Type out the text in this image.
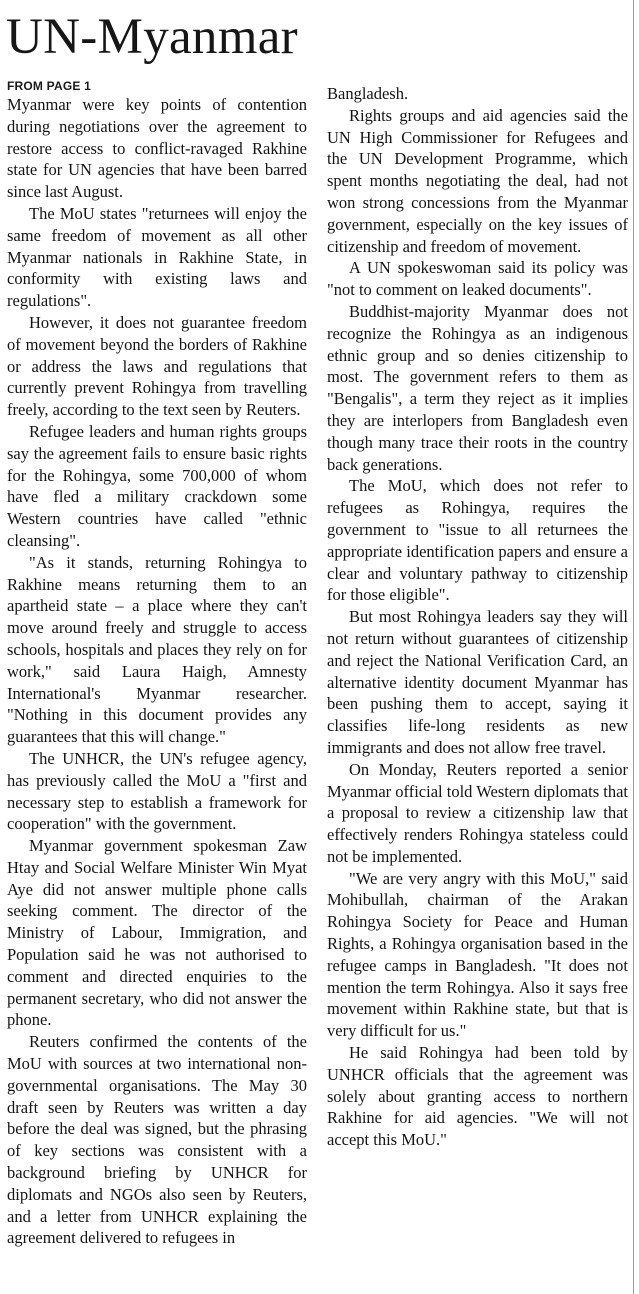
UN-Myanmar
FROM PAGE 1

Myanmar were key points of contention during negotiations over the agreement to restore access to conflict-ravaged Rakhine state for UN agencies that have been barred since last August.

The MoU states "returnees will enjoy the same freedom of movement as all other Myanmar nationals in Rakhine State, in conformity with existing laws and regulations".

However, it does not guarantee freedom of movement beyond the borders of Rakhine or address the laws and regulations that currently prevent Rohingya from travelling freely, according to the text seen by Reuters.

Refugee leaders and human rights groups say the agreement fails to ensure basic rights for the Rohingya, some 700,000 of whom have fled a military crackdown some Western countries have called "ethnic cleansing".

"As it stands, returning Rohingya to Rakhine means returning them to an apartheid state – a place where they can't move around freely and struggle to access schools, hospitals and places they rely on for work," said Laura Haigh, Amnesty International's Myanmar researcher. "Nothing in this document provides any guarantees that this will change."

The UNHCR, the UN's refugee agency, has previously called the MoU a "first and necessary step to establish a framework for cooperation" with the government.

Myanmar government spokesman Zaw Htay and Social Welfare Minister Win Myat Aye did not answer multiple phone calls seeking comment. The director of the Ministry of Labour, Immigration, and Population said he was not authorised to comment and directed enquiries to the permanent secretary, who did not answer the phone.

Reuters confirmed the contents of the MoU with sources at two international non-governmental organisations. The May 30 draft seen by Reuters was written a day before the deal was signed, but the phrasing of key sections was consistent with a background briefing by UNHCR for diplomats and NGOs also seen by Reuters, and a letter from UNHCR explaining the agreement delivered to refugees in

Bangladesh.

Rights groups and aid agencies said the UN High Commissioner for Refugees and the UN Development Programme, which spent months negotiating the deal, had not won strong concessions from the Myanmar government, especially on the key issues of citizenship and freedom of movement.

A UN spokeswoman said its policy was "not to comment on leaked documents".

Buddhist-majority Myanmar does not recognize the Rohingya as an indigenous ethnic group and so denies citizenship to most. The government refers to them as "Bengalis", a term they reject as it implies they are interlopers from Bangladesh even though many trace their roots in the country back generations.

The MoU, which does not refer to refugees as Rohingya, requires the government to "issue to all returnees the appropriate identification papers and ensure a clear and voluntary pathway to citizenship for those eligible".

But most Rohingya leaders say they will not return without guarantees of citizenship and reject the National Verification Card, an alternative identity document Myanmar has been pushing them to accept, saying it classifies life-long residents as new immigrants and does not allow free travel.

On Monday, Reuters reported a senior Myanmar official told Western diplomats that a proposal to review a citizenship law that effectively renders Rohingya stateless could not be implemented.

"We are very angry with this MoU," said Mohibullah, chairman of the Arakan Rohingya Society for Peace and Human Rights, a Rohingya organisation based in the refugee camps in Bangladesh. "It does not mention the term Rohingya. Also it says free movement within Rakhine state, but that is very difficult for us."

He said Rohingya had been told by UNHCR officials that the agreement was solely about granting access to northern Rakhine for aid agencies. "We will not accept this MoU."
